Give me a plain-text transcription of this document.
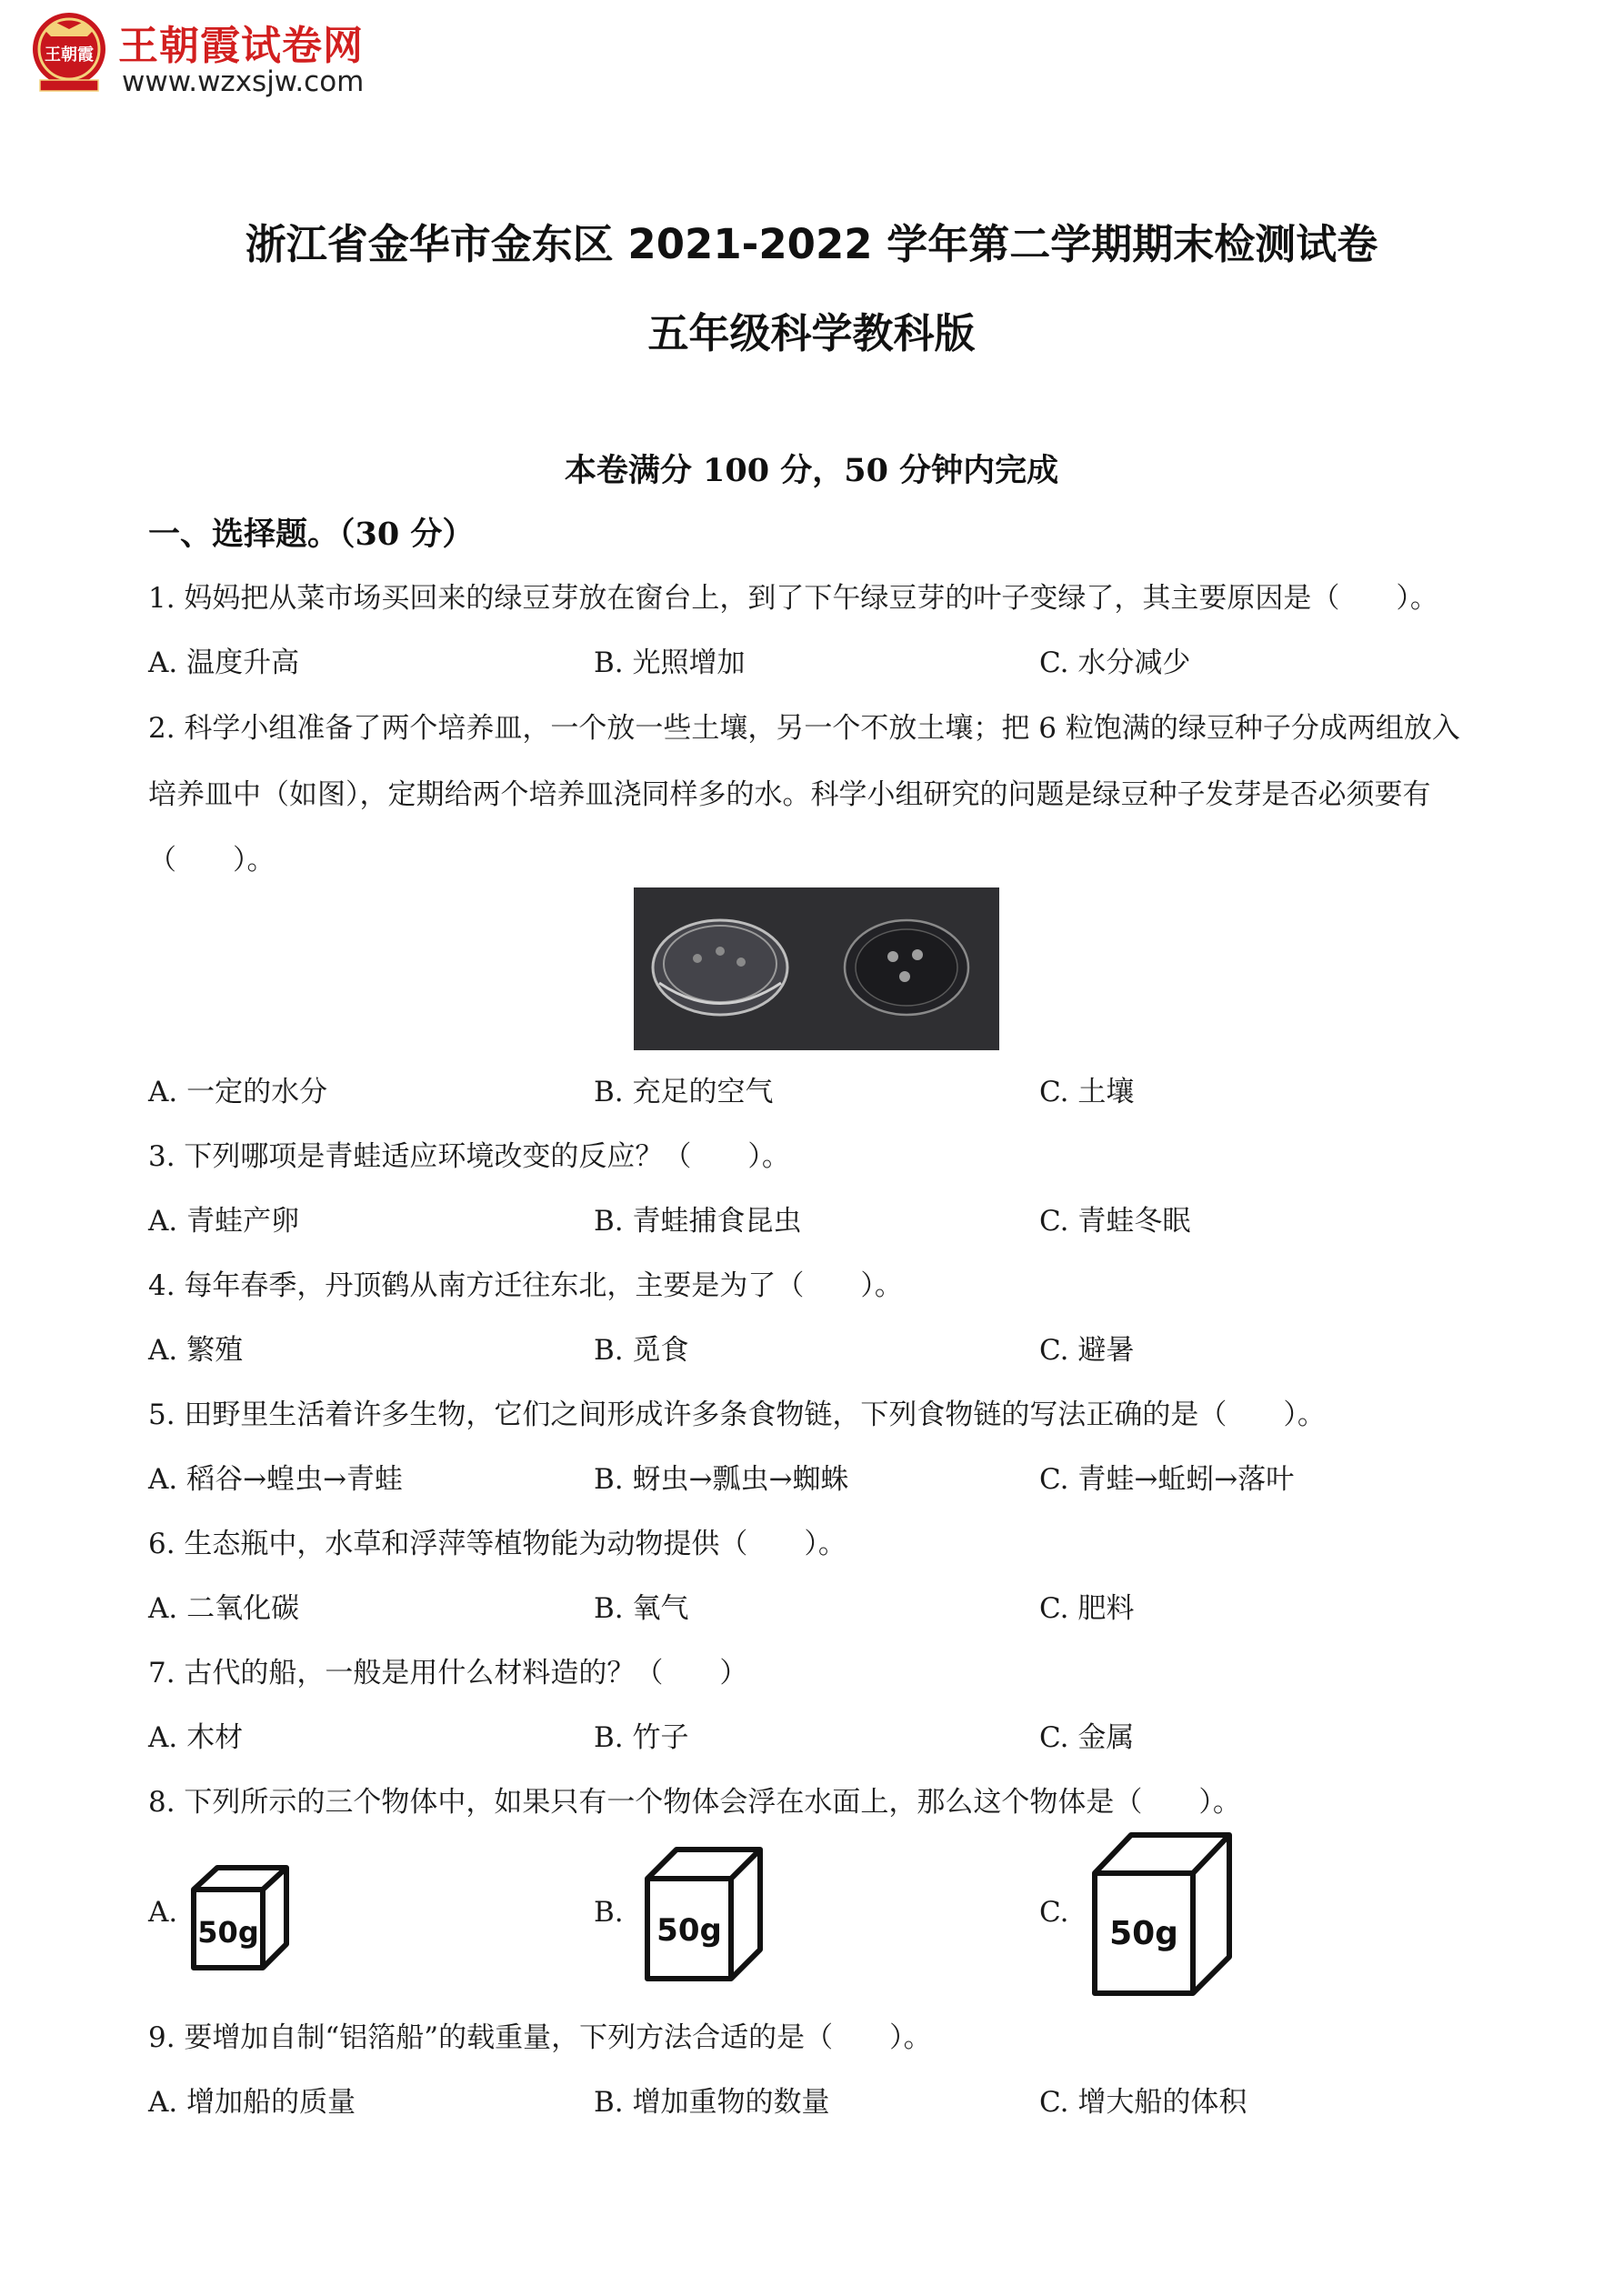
王朝霞 王朝霞试卷网
www.wzxsjw.com
浙江省金华市金东区 2021-2022 学年第二学期期末检测试卷
五年级科学教科版
本卷满分 100 分，50 分钟内完成
一、选择题。（30 分）
1. 妈妈把从菜市场买回来的绿豆芽放在窗台上，到了下午绿豆芽的叶子变绿了，其主要原因是（　　）。
A. 温度升高	B. 光照增加	C. 水分减少
2. 科学小组准备了两个培养皿，一个放一些土壤，另一个不放土壤；把 6 粒饱满的绿豆种子分成两组放入
培养皿中（如图），定期给两个培养皿浇同样多的水。科学小组研究的问题是绿豆种子发芽是否必须要有
（　　）。
A. 一定的水分	B. 充足的空气	C. 土壤
3. 下列哪项是青蛙适应环境改变的反应？（　　）。
A. 青蛙产卵	B. 青蛙捕食昆虫	C. 青蛙冬眠
4. 每年春季，丹顶鹤从南方迁往东北，主要是为了（　　）。
A. 繁殖	B. 觅食	C. 避暑
5. 田野里生活着许多生物，它们之间形成许多条食物链，下列食物链的写法正确的是（　　）。
A. 稻谷→蝗虫→青蛙	B. 蚜虫→瓢虫→蜘蛛	C. 青蛙→蚯蚓→落叶
6. 生态瓶中，水草和浮萍等植物能为动物提供（　　）。
A. 二氧化碳	B. 氧气	C. 肥料
7. 古代的船，一般是用什么材料造的？（　　）
A. 木材	B. 竹子	C. 金属
8. 下列所示的三个物体中，如果只有一个物体会浮在水面上，那么这个物体是（　　）。
A.
50g
B. 50g	C.
50g
9. 要增加自制“铝箔船”的载重量，下列方法合适的是（　　）。
A. 增加船的质量	B. 增加重物的数量	C. 增大船的体积
